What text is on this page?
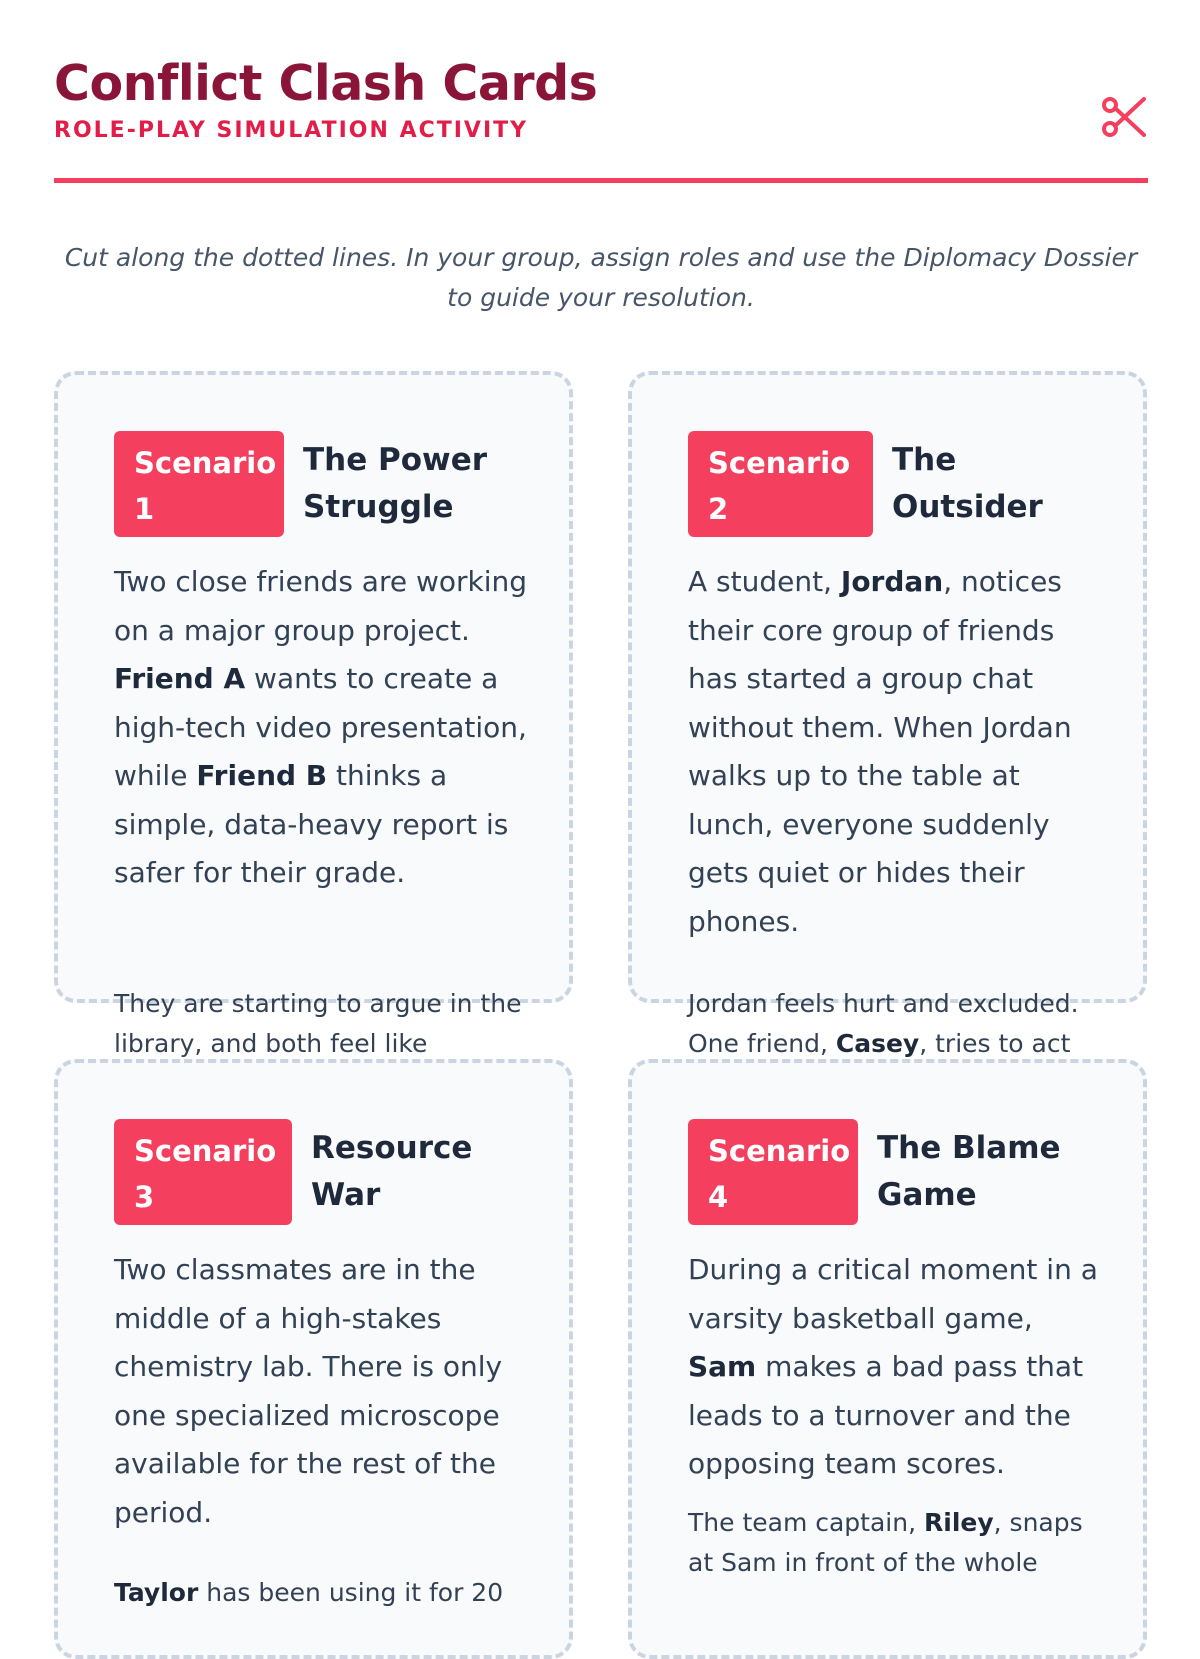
Conflict Clash Cards
ROLE-PLAY SIMULATION ACTIVITY

Cut along the dotted lines. In your group, assign roles and use the Diplomacy Dossier to guide your resolution.

Scenario
1
The Power Struggle

Two close friends are working on a major group project. Friend A wants to create a high-tech video presentation, while Friend B thinks a simple, data-heavy report is safer for their grade.

They are starting to argue in the library, and both feel like

Scenario
2
The Outsider

A student, Jordan, notices their core group of friends has started a group chat without them. When Jordan walks up to the table at lunch, everyone suddenly gets quiet or hides their phones.

Jordan feels hurt and excluded. One friend, Casey, tries to act

Scenario
3
Resource War

Two classmates are in the middle of a high-stakes chemistry lab. There is only one specialized microscope available for the rest of the period.

Taylor has been using it for 20

Scenario
4
The Blame Game

During a critical moment in a varsity basketball game, Sam makes a bad pass that leads to a turnover and the opposing team scores.

The team captain, Riley, snaps at Sam in front of the whole
